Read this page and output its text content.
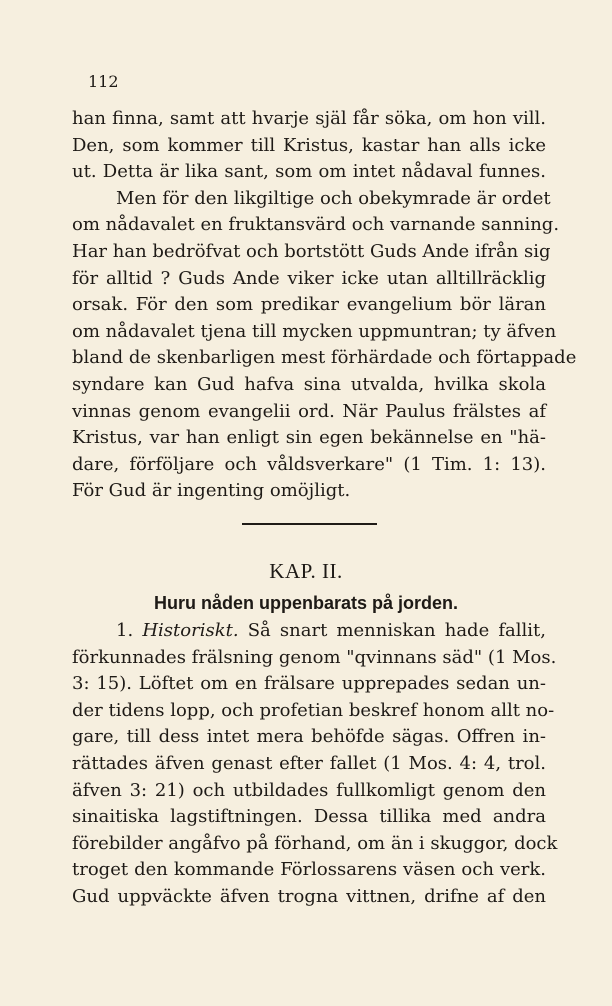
112
han finna, samt att hvarje själ får söka, om hon vill.
Den, som kommer till Kristus, kastar han alls icke
ut. Detta är lika sant, som om intet nådaval funnes.
Men för den likgiltige och obekymrade är ordet
om nådavalet en fruktansvärd och varnande sanning.
Har han bedröfvat och bortstött Guds Ande ifrån sig
för alltid ? Guds Ande viker icke utan alltillräcklig
orsak. För den som predikar evangelium bör läran
om nådavalet tjena till mycken uppmuntran; ty äfven
bland de skenbarligen mest förhärdade och förtappade
syndare kan Gud hafva sina utvalda, hvilka skola
vinnas genom evangelii ord. När Paulus frälstes af
Kristus, var han enligt sin egen bekännelse en "hä-
dare, förföljare och våldsverkare" (1 Tim. 1: 13).
För Gud är ingenting omöjligt.
KAP. II.
Huru nåden uppenbarats på jorden.
1. Historiskt. Så snart menniskan hade fallit,
förkunnades frälsning genom "qvinnans säd" (1 Mos.
3: 15). Löftet om en frälsare upprepades sedan un-
der tidens lopp, och profetian beskref honom allt no-
gare, till dess intet mera behöfde sägas. Offren in-
rättades äfven genast efter fallet (1 Mos. 4: 4, trol.
äfven 3: 21) och utbildades fullkomligt genom den
sinaitiska lagstiftningen. Dessa tillika med andra
förebilder angåfvo på förhand, om än i skuggor, dock
troget den kommande Förlossarens väsen och verk.
Gud uppväckte äfven trogna vittnen, drifne af den
